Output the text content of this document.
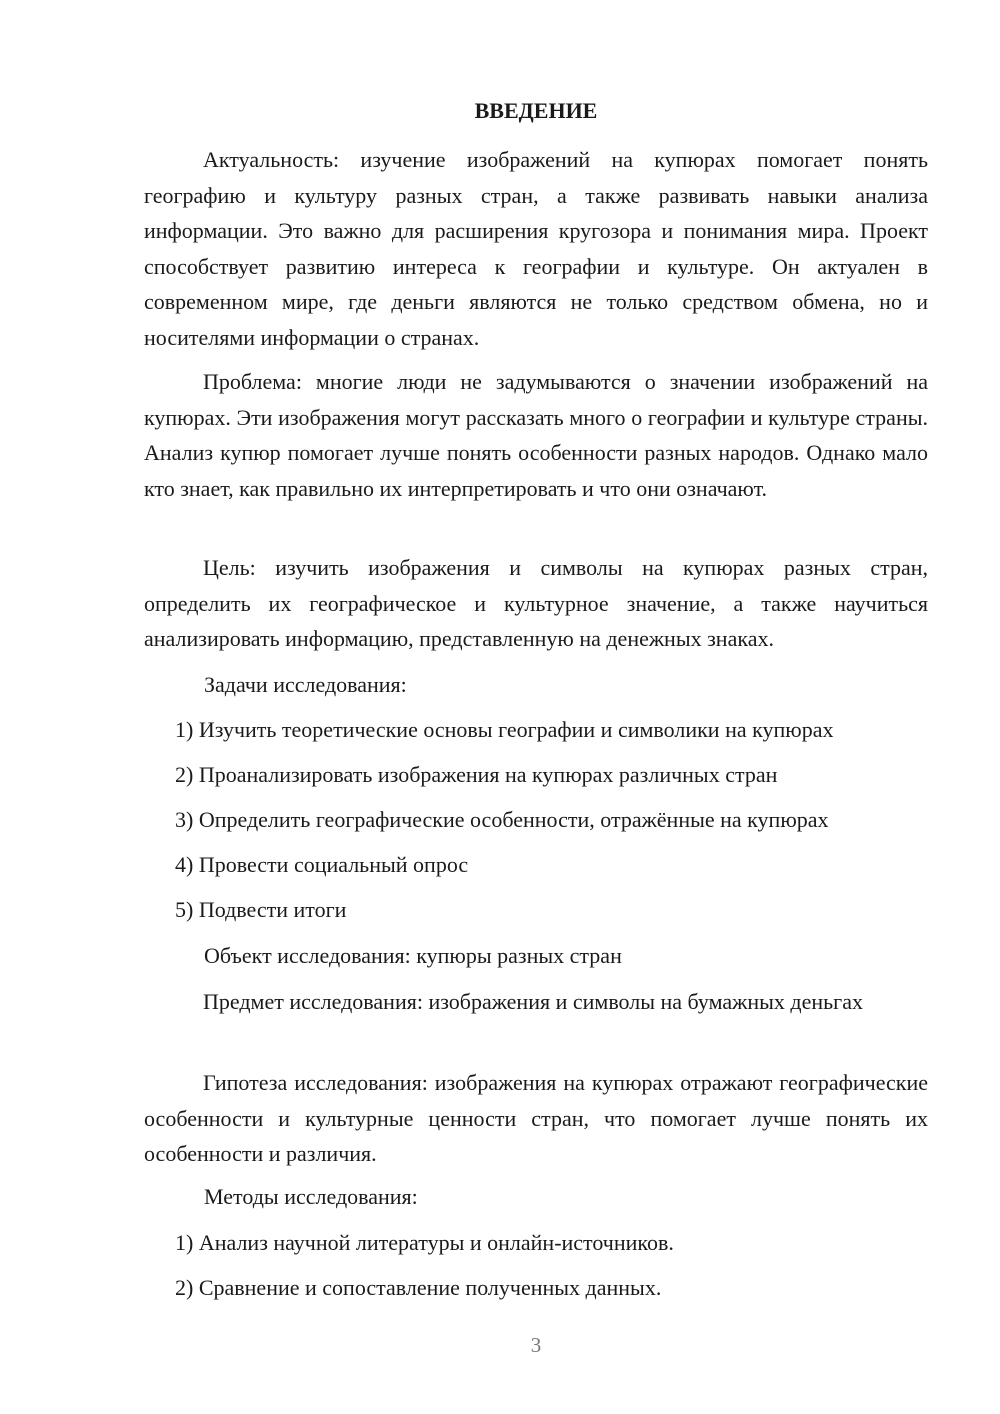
ВВЕДЕНИЕ
Актуальность: изучение изображений на купюрах помогает понять географию и культуру разных стран, а также развивать навыки анализа информации. Это важно для расширения кругозора и понимания мира. Проект способствует развитию интереса к географии и культуре. Он актуален в современном мире, где деньги являются не только средством обмена, но и носителями информации о странах.
Проблема: многие люди не задумываются о значении изображений на купюрах. Эти изображения могут рассказать много о географии и культуре страны. Анализ купюр помогает лучше понять особенности разных народов. Однако мало кто знает, как правильно их интерпретировать и что они означают.
Цель: изучить изображения и символы на купюрах разных стран, определить их географическое и культурное значение, а также научиться анализировать информацию, представленную на денежных знаках.
Задачи исследования:
1) Изучить теоретические основы географии и символики на купюрах
2) Проанализировать изображения на купюрах различных стран
3) Определить географические особенности, отражённые на купюрах
4) Провести социальный опрос
5) Подвести итоги
Объект исследования: купюры разных стран
Предмет исследования: изображения и символы на бумажных деньгах
Гипотеза исследования: изображения на купюрах отражают географические особенности и культурные ценности стран, что помогает лучше понять их особенности и различия.
Методы исследования:
1) Анализ научной литературы и онлайн-источников.
2) Сравнение и сопоставление полученных данных.
3
